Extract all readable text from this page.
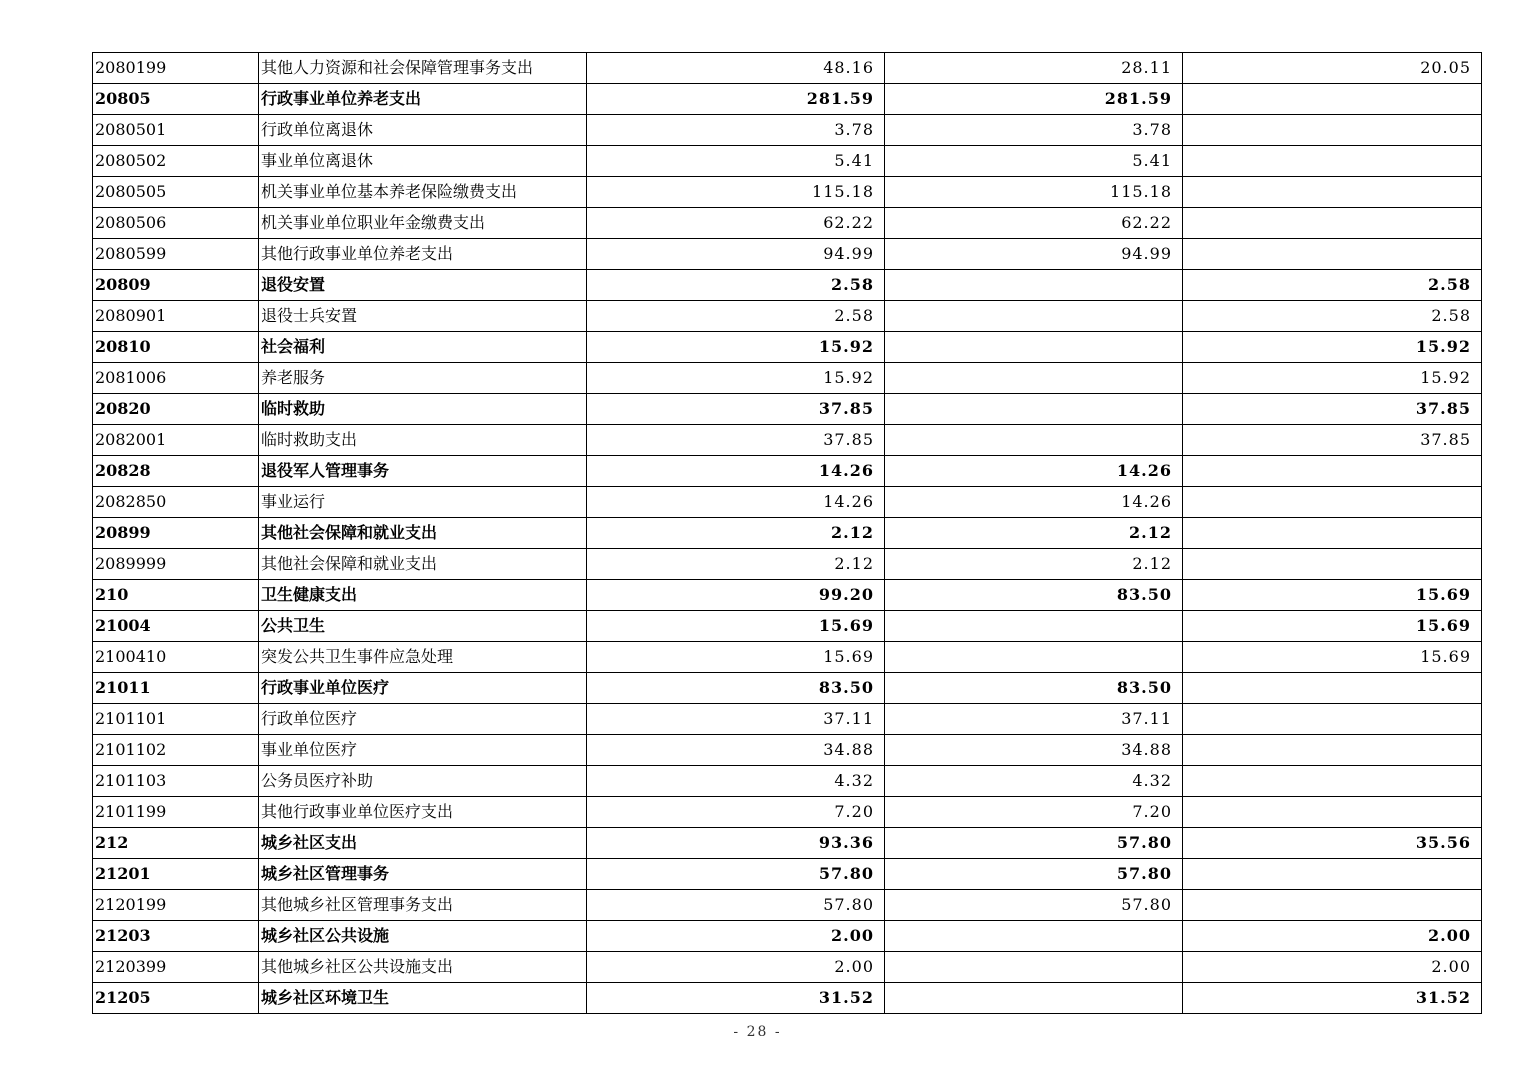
2080199	其他人力资源和社会保障管理事务支出	48.16	28.11	20.05
20805	行政事业单位养老支出	281.59	281.59	
2080501	行政单位离退休	3.78	3.78	
2080502	事业单位离退休	5.41	5.41	
2080505	机关事业单位基本养老保险缴费支出	115.18	115.18	
2080506	机关事业单位职业年金缴费支出	62.22	62.22	
2080599	其他行政事业单位养老支出	94.99	94.99	
20809	退役安置	2.58		2.58
2080901	退役士兵安置	2.58		2.58
20810	社会福利	15.92		15.92
2081006	养老服务	15.92		15.92
20820	临时救助	37.85		37.85
2082001	临时救助支出	37.85		37.85
20828	退役军人管理事务	14.26	14.26	
2082850	事业运行	14.26	14.26	
20899	其他社会保障和就业支出	2.12	2.12	
2089999	其他社会保障和就业支出	2.12	2.12	
210	卫生健康支出	99.20	83.50	15.69
21004	公共卫生	15.69		15.69
2100410	突发公共卫生事件应急处理	15.69		15.69
21011	行政事业单位医疗	83.50	83.50	
2101101	行政单位医疗	37.11	37.11	
2101102	事业单位医疗	34.88	34.88	
2101103	公务员医疗补助	4.32	4.32	
2101199	其他行政事业单位医疗支出	7.20	7.20	
212	城乡社区支出	93.36	57.80	35.56
21201	城乡社区管理事务	57.80	57.80	
2120199	其他城乡社区管理事务支出	57.80	57.80	
21203	城乡社区公共设施	2.00		2.00
2120399	其他城乡社区公共设施支出	2.00		2.00
21205	城乡社区环境卫生	31.52		31.52
- 28 -
